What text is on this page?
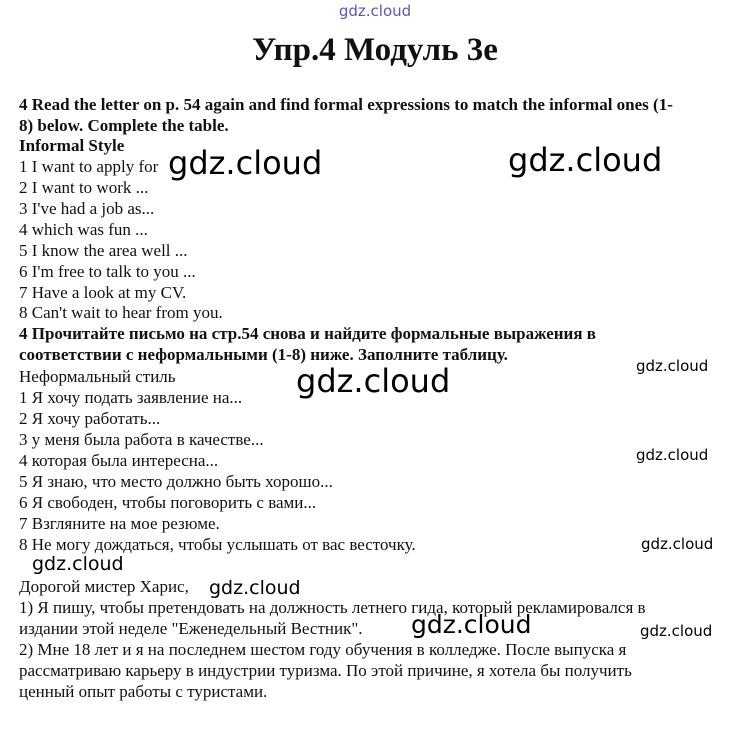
gdz.cloud
Упр.4 Модуль 3e
4 Read the letter on p. 54 again and find formal expressions to match the informal ones (1-
8) below. Complete the table.
Informal Style
1 I want to apply for
2 I want to work ...
3 I've had a job as...
4 which was fun ...
5 I know the area well ...
6 I'm free to talk to you ...
7 Have a look at my CV.
8 Can't wait to hear from you.
4 Прочитайте письмо на стр.54 снова и найдите формальные выражения в
соответствии с неформальными (1-8) ниже. Заполните таблицу.
Неформальный стиль
1 Я хочу подать заявление на...
2 Я хочу работать...
3 у меня была работа в качестве...
4 которая была интересна...
5 Я знаю, что место должно быть хорошо...
6 Я свободен, чтобы поговорить с вами...
7 Взгляните на мое резюме.
8 Не могу дождаться, чтобы услышать от вас весточку.
Дорогой мистер Харис,
1) Я пишу, чтобы претендовать на должность летнего гида, который рекламировался в
издании этой неделе "Еженедельный Вестник".
2) Мне 18 лет и я на последнем шестом году обучения в колледже. После выпуска я
рассматриваю карьеру в индустрии туризма. По этой причине, я хотела бы получить
ценный опыт работы с туристами.
gdz.cloud	gdz.cloud
gdz.cloud	gdz.cloud
gdz.cloud
gdz.cloud
gdz.cloud
gdz.cloud
gdz.cloud	gdz.cloud
